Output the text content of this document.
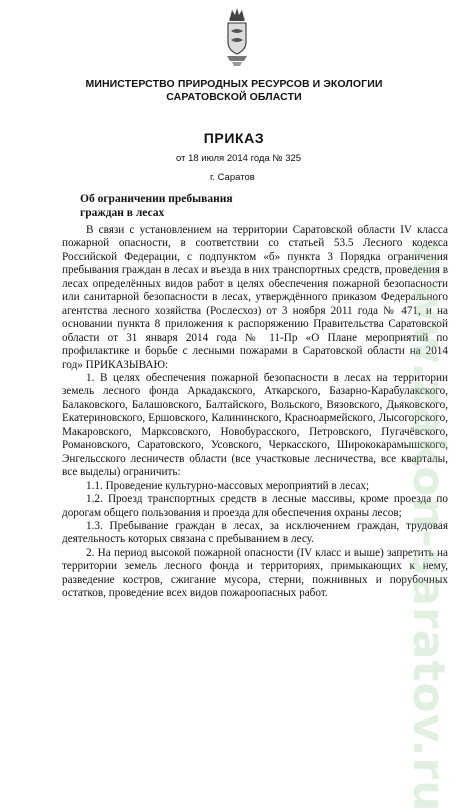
МИНИСТЕРСТВО ПРИРОДНЫХ РЕСУРСОВ И ЭКОЛОГИИ
САРАТОВСКОЙ ОБЛАСТИ
ПРИКАЗ
от 18 июля 2014 года № 325
г. Саратов
Об ограничении пребывания
граждан в лесах

В связи с установлением на территории Саратовской области IV класса пожарной опасности, в соответствии со статьей 53.5 Лесного кодекса Российской Федерации, с подпунктом «б» пункта 3 Порядка ограничения пребывания граждан в лесах и въезда в них транспортных средств, проведения в лесах определённых видов работ в целях обеспечения пожарной безопасности или санитарной безопасности в лесах, утверждённого приказом Федерального агентства лесного хозяйства (Рослесхоз) от 3 ноября 2011 года № 471, и на основании пункта 8 приложения к распоряжению Правительства Саратовской области от 31 января 2014 года № 11-Пр «О Плане мероприятий по профилактике и борьбе с лесными пожарами в Саратовской области на 2014 год» ПРИКАЗЫВАЮ:

1. В целях обеспечения пожарной безопасности в лесах на территории земель лесного фонда Аркадакского, Аткарского, Базарно-Карабулакского, Балаковского, Балашовского, Балтайского, Вольского, Вязовского, Дьяковского, Екатериновского, Ершовского, Калининского, Красноармейского, Лысогорского, Макаровского, Марксовского, Новобурасского, Петровского, Пугачёвского, Романовского, Саратовского, Усовского, Черкасского, Ширококарамышского, Энгельсского лесничеств области (все участковые лесничества, все кварталы, все выделы) ограничить:

1.1. Проведение культурно-массовых мероприятий в лесах;

1.2. Проезд транспортных средств в лесные массивы, кроме проезда по дорогам общего пользования и проезда для обеспечения охраны лесов;

1.3. Пребывание граждан в лесах, за исключением граждан, трудовая деятельность которых связана с пребыванием в лесу.

2. На период высокой пожарной опасности (IV класс и выше) запретить на территории земель лесного фонда и территориях, примыкающих к нему, разведение костров, сжигание мусора, стерни, пожнивных и порубочных остатков, проведение всех видов пожароопасных работ.	www.zakon-saratov.ru
